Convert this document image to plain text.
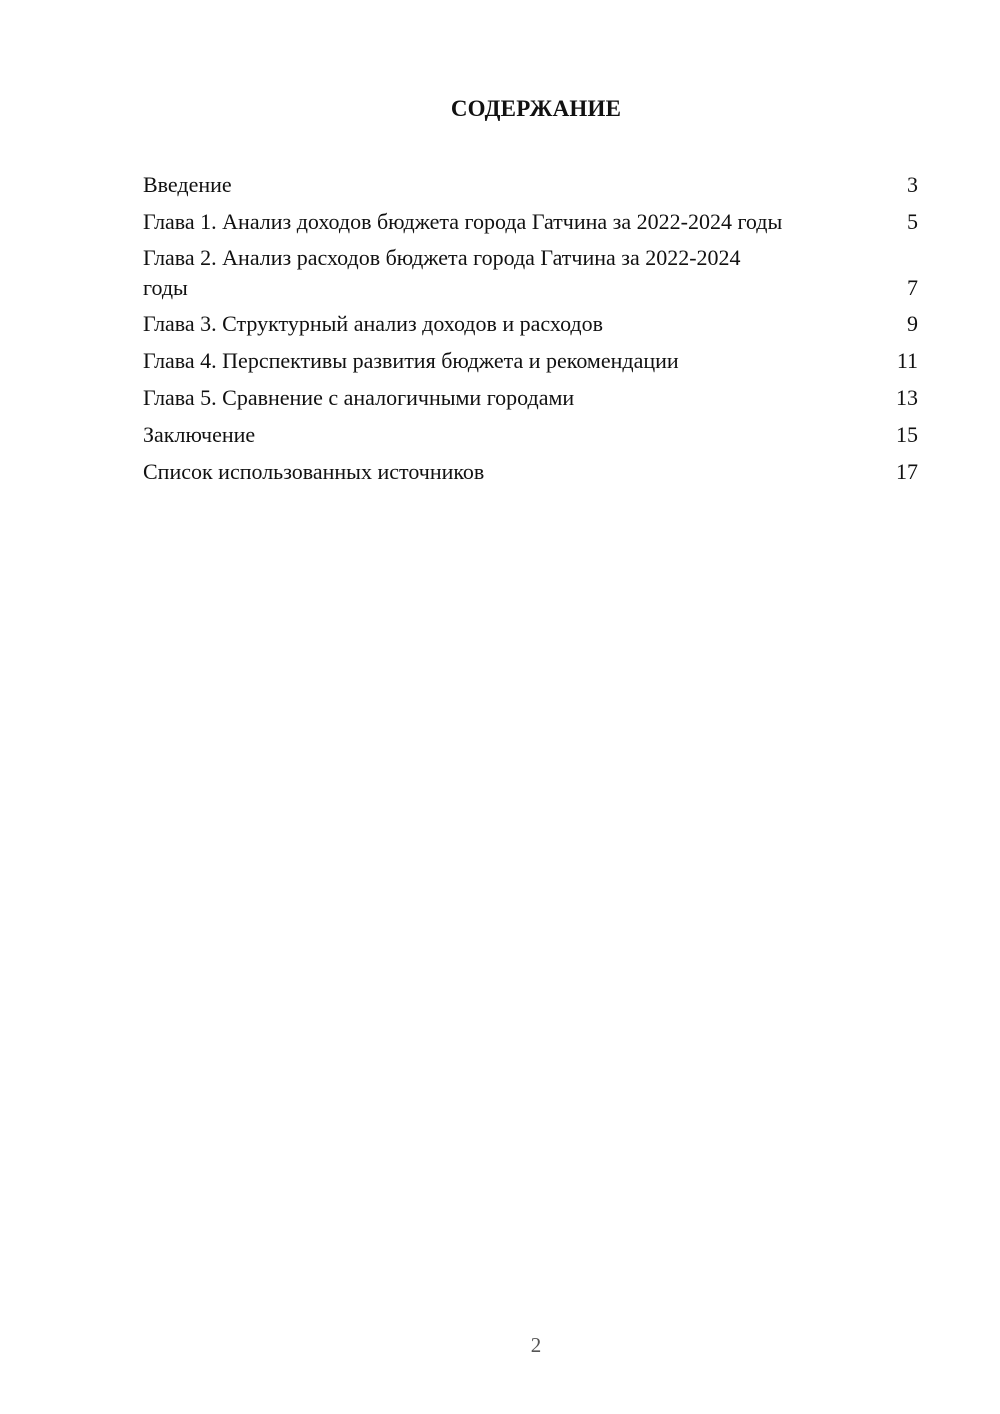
СОДЕРЖАНИЕ
Введение	3
Глава 1. Анализ доходов бюджета города Гатчина за 2022-2024 годы	5
Глава 2. Анализ расходов бюджета города Гатчина за 2022-2024 годы	7
Глава 3. Структурный анализ доходов и расходов	9
Глава 4. Перспективы развития бюджета и рекомендации	11
Глава 5. Сравнение с аналогичными городами	13
Заключение	15
Список использованных источников	17
2
